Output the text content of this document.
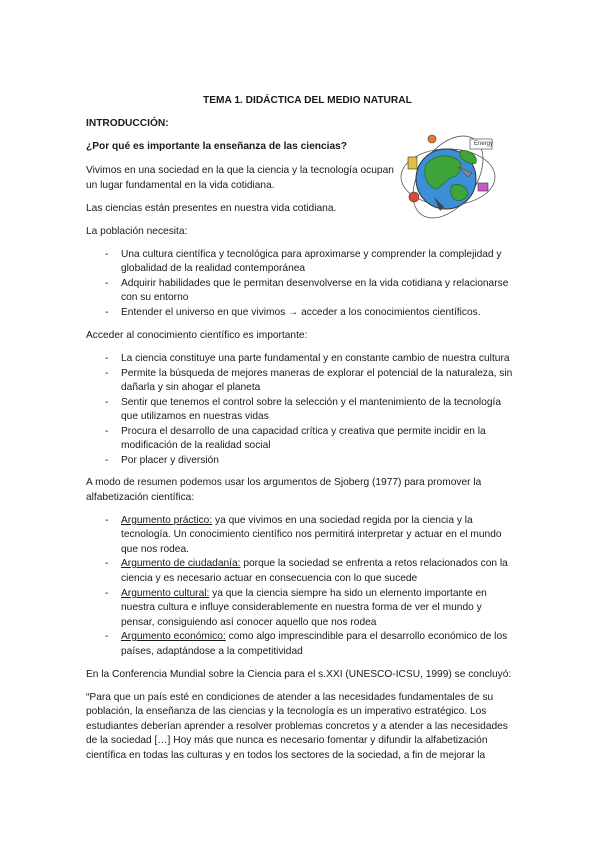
TEMA 1. DIDÁCTICA DEL MEDIO NATURAL
INTRODUCCIÓN:
¿Por qué es importante la enseñanza de las ciencias?
Vivimos en una sociedad en la que la ciencia y la tecnología ocupan
un lugar fundamental en la vida cotidiana.
Las ciencias están presentes en nuestra vida cotidiana.
La población necesita:
Energy
- Una cultura científica y tecnológica para aproximarse y comprender la complejidad y
globalidad de la realidad contemporánea
- Adquirir habilidades que le permitan desenvolverse en la vida cotidiana y relacionarse
con su entorno
- Entender el universo en que vivimos → acceder a los conocimientos científicos.
Acceder al conocimiento científico es importante:
- La ciencia constituye una parte fundamental y en constante cambio de nuestra cultura
- Permite la búsqueda de mejores maneras de explorar el potencial de la naturaleza, sin
dañarla y sin ahogar el planeta
- Sentir que tenemos el control sobre la selección y el mantenimiento de la tecnología
que utilizamos en nuestras vidas
- Procura el desarrollo de una capacidad crítica y creativa que permite incidir en la
modificación de la realidad social
- Por placer y diversión
A modo de resumen podemos usar los argumentos de Sjoberg (1977) para promover la
alfabetización científica:
- Argumento práctico: ya que vivimos en una sociedad regida por la ciencia y la
tecnología. Un conocimiento científico nos permitirá interpretar y actuar en el mundo
que nos rodea.
- Argumento de ciudadanía: porque la sociedad se enfrenta a retos relacionados con la
ciencia y es necesario actuar en consecuencia con lo que sucede
- Argumento cultural: ya que la ciencia siempre ha sido un elemento importante en
nuestra cultura e influye considerablemente en nuestra forma de ver el mundo y
pensar, consiguiendo así conocer aquello que nos rodea
- Argumento económico: como algo imprescindible para el desarrollo económico de los
países, adaptándose a la competitividad
En la Conferencia Mundial sobre la Ciencia para el s.XXI (UNESCO-ICSU, 1999) se concluyó:
“Para que un país esté en condiciones de atender a las necesidades fundamentales de su
población, la enseñanza de las ciencias y la tecnología es un imperativo estratégico. Los
estudiantes deberían aprender a resolver problemas concretos y a atender a las necesidades
de la sociedad […] Hoy más que nunca es necesario fomentar y difundir la alfabetización
científica en todas las culturas y en todos los sectores de la sociedad, a fin de mejorar la
